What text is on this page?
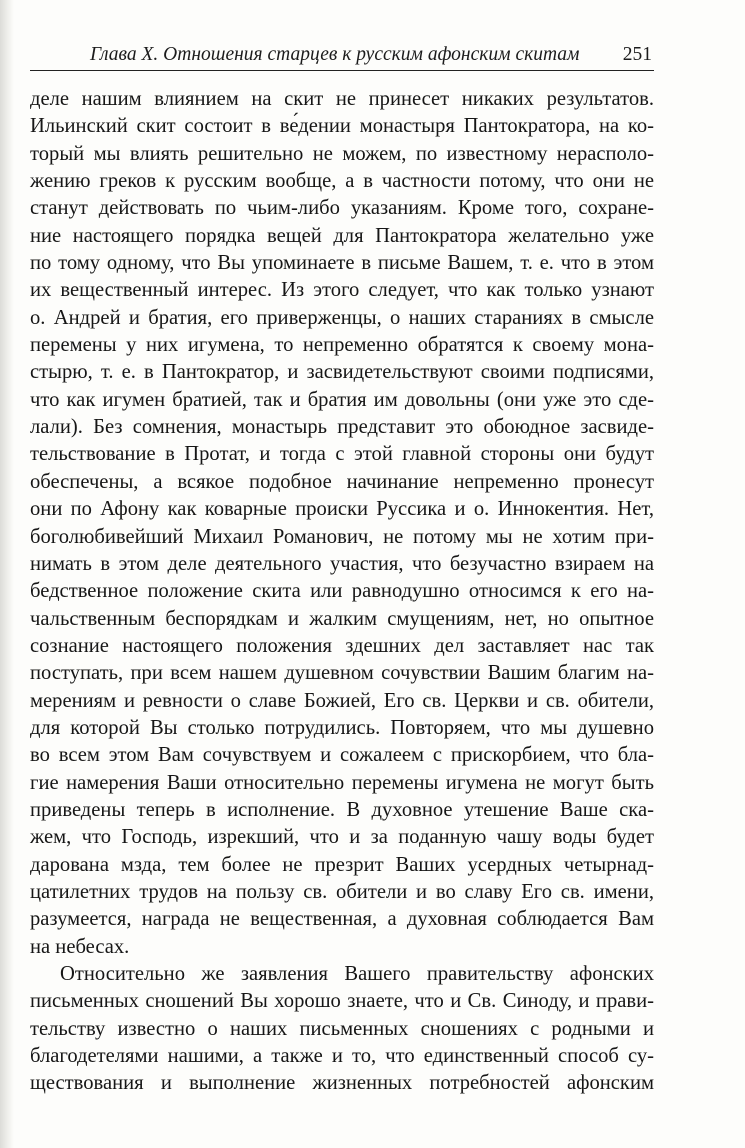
Глава X. Отношения старцев к русским афонским скитам 251
деле нашим влиянием на скит не принесет никаких результатов.
Ильинский скит состоит в ве́дении монастыря Пантократора, на ко-
торый мы влиять решительно не можем, по известному нерасполо-
жению греков к русским вообще, а в частности потому, что они не
станут действовать по чьим-либо указаниям. Кроме того, сохране-
ние настоящего порядка вещей для Пантократора желательно уже
по тому одному, что Вы упоминаете в письме Вашем, т. е. что в этом
их вещественный интерес. Из этого следует, что как только узнают
о. Андрей и братия, его приверженцы, о наших стараниях в смысле
перемены у них игумена, то непременно обратятся к своему мона-
стырю, т. е. в Пантократор, и засвидетельствуют своими подписями,
что как игумен братией, так и братия им довольны (они уже это сде-
лали). Без сомнения, монастырь представит это обоюдное засвиде-
тельствование в Протат, и тогда с этой главной стороны они будут
обеспечены, а всякое подобное начинание непременно пронесут
они по Афону как коварные происки Руссика и о. Иннокентия. Нет,
боголюбивейший Михаил Романович, не потому мы не хотим при-
нимать в этом деле деятельного участия, что безучастно взираем на
бедственное положение скита или равнодушно относимся к его на-
чальственным беспорядкам и жалким смущениям, нет, но опытное
сознание настоящего положения здешних дел заставляет нас так
поступать, при всем нашем душевном сочувствии Вашим благим на-
мерениям и ревности о славе Божией, Его св. Церкви и св. обители,
для которой Вы столько потрудились. Повторяем, что мы душевно
во всем этом Вам сочувствуем и сожалеем с прискорбием, что бла-
гие намерения Ваши относительно перемены игумена не могут быть
приведены теперь в исполнение. В духовное утешение Ваше ска-
жем, что Господь, изрекший, что и за поданную чашу воды будет
дарована мзда, тем более не презрит Ваших усердных четырнад-
цатилетних трудов на пользу св. обители и во славу Его св. имени,
разумеется, награда не вещественная, а духовная соблюдается Вам
на небесах.
Относительно же заявления Вашего правительству афонских
письменных сношений Вы хорошо знаете, что и Св. Синоду, и прави-
тельству известно о наших письменных сношениях с родными и
благодетелями нашими, а также и то, что единственный способ су-
ществования и выполнение жизненных потребностей афонским
